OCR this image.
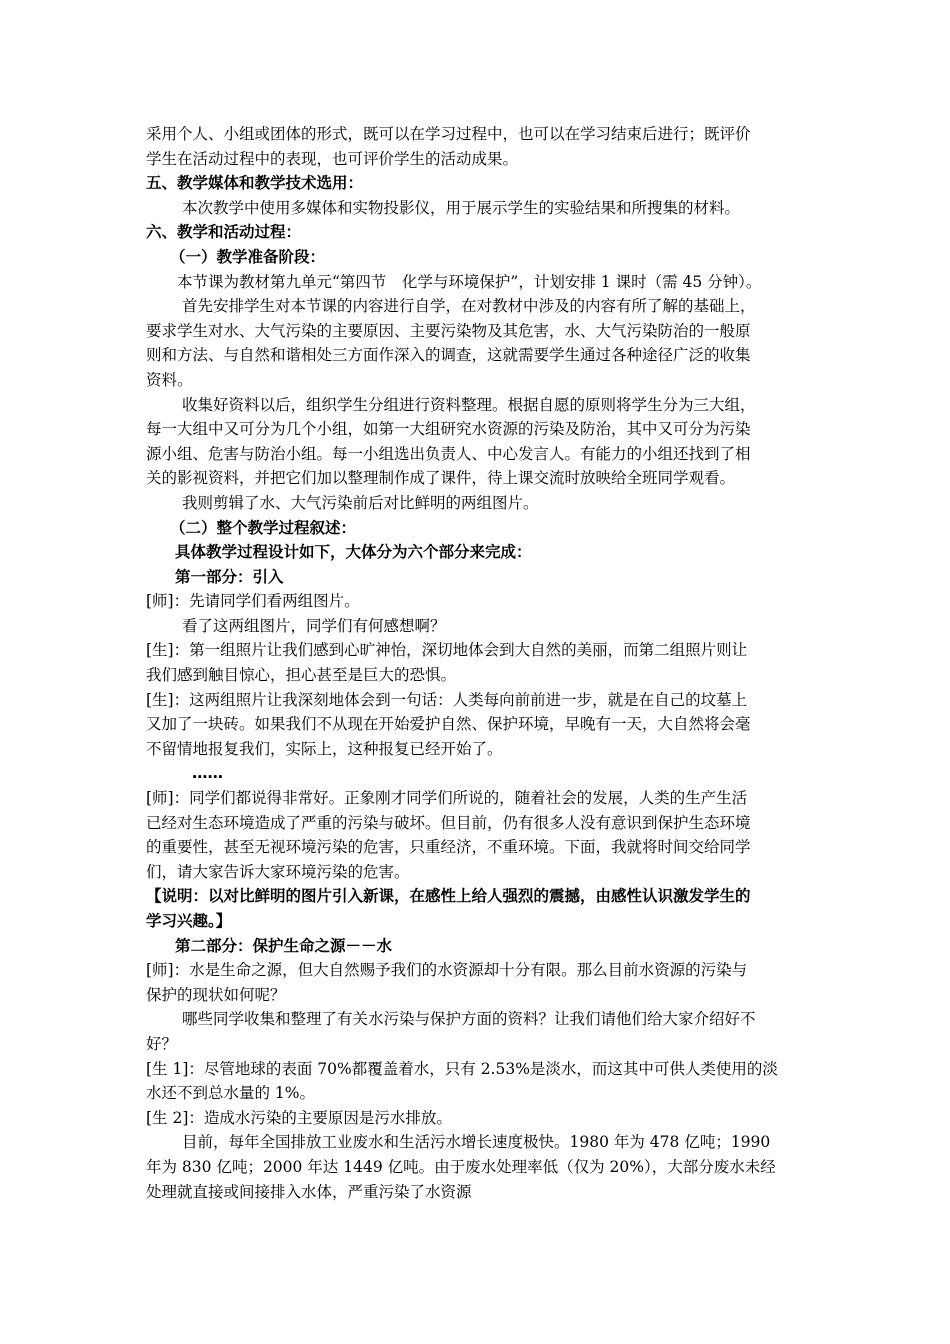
采用个人、小组或团体的形式，既可以在学习过程中，也可以在学习结束后进行；既评价
学生在活动过程中的表现，也可评价学生的活动成果。
五、教学媒体和教学技术选用：
本次教学中使用多媒体和实物投影仪，用于展示学生的实验结果和所搜集的材料。
六、教学和活动过程：
（一）教学准备阶段：
本节课为教材第九单元“第四节　化学与环境保护”，计划安排 1 课时（需 45 分钟）。
首先安排学生对本节课的内容进行自学，在对教材中涉及的内容有所了解的基础上，
要求学生对水、大气污染的主要原因、主要污染物及其危害，水、大气污染防治的一般原
则和方法、与自然和谐相处三方面作深入的调查，这就需要学生通过各种途径广泛的收集
资料。
收集好资料以后，组织学生分组进行资料整理。根据自愿的原则将学生分为三大组，
每一大组中又可分为几个小组，如第一大组研究水资源的污染及防治，其中又可分为污染
源小组、危害与防治小组。每一小组选出负责人、中心发言人。有能力的小组还找到了相
关的影视资料，并把它们加以整理制作成了课件，待上课交流时放映给全班同学观看。
我则剪辑了水、大气污染前后对比鲜明的两组图片。
（二）整个教学过程叙述：
具体教学过程设计如下，大体分为六个部分来完成：
第一部分：引入
[师]：先请同学们看两组图片。
看了这两组图片，同学们有何感想啊？
[生]：第一组照片让我们感到心旷神怡，深切地体会到大自然的美丽，而第二组照片则让
我们感到触目惊心，担心甚至是巨大的恐惧。
[生]：这两组照片让我深刻地体会到一句话：人类每向前前进一步，就是在自己的坟墓上
又加了一块砖。如果我们不从现在开始爱护自然、保护环境，早晚有一天，大自然将会毫
不留情地报复我们，实际上，这种报复已经开始了。
……
[师]：同学们都说得非常好。正象刚才同学们所说的，随着社会的发展，人类的生产生活
已经对生态环境造成了严重的污染与破坏。但目前，仍有很多人没有意识到保护生态环境
的重要性，甚至无视环境污染的危害，只重经济，不重环境。下面，我就将时间交给同学
们，请大家告诉大家环境污染的危害。
【说明：以对比鲜明的图片引入新课，在感性上给人强烈的震撼，由感性认识激发学生的
学习兴趣。】
第二部分：保护生命之源－－水
[师]：水是生命之源，但大自然赐予我们的水资源却十分有限。那么目前水资源的污染与
保护的现状如何呢？
哪些同学收集和整理了有关水污染与保护方面的资料？让我们请他们给大家介绍好不
好？
[生 1]：尽管地球的表面 70%都覆盖着水，只有 2.53%是淡水，而这其中可供人类使用的淡
水还不到总水量的 1%。
[生 2]：造成水污染的主要原因是污水排放。
目前，每年全国排放工业废水和生活污水增长速度极快。1980 年为 478 亿吨；1990
年为 830 亿吨；2000 年达 1449 亿吨。由于废水处理率低（仅为 20%），大部分废水未经
处理就直接或间接排入水体，严重污染了水资源
